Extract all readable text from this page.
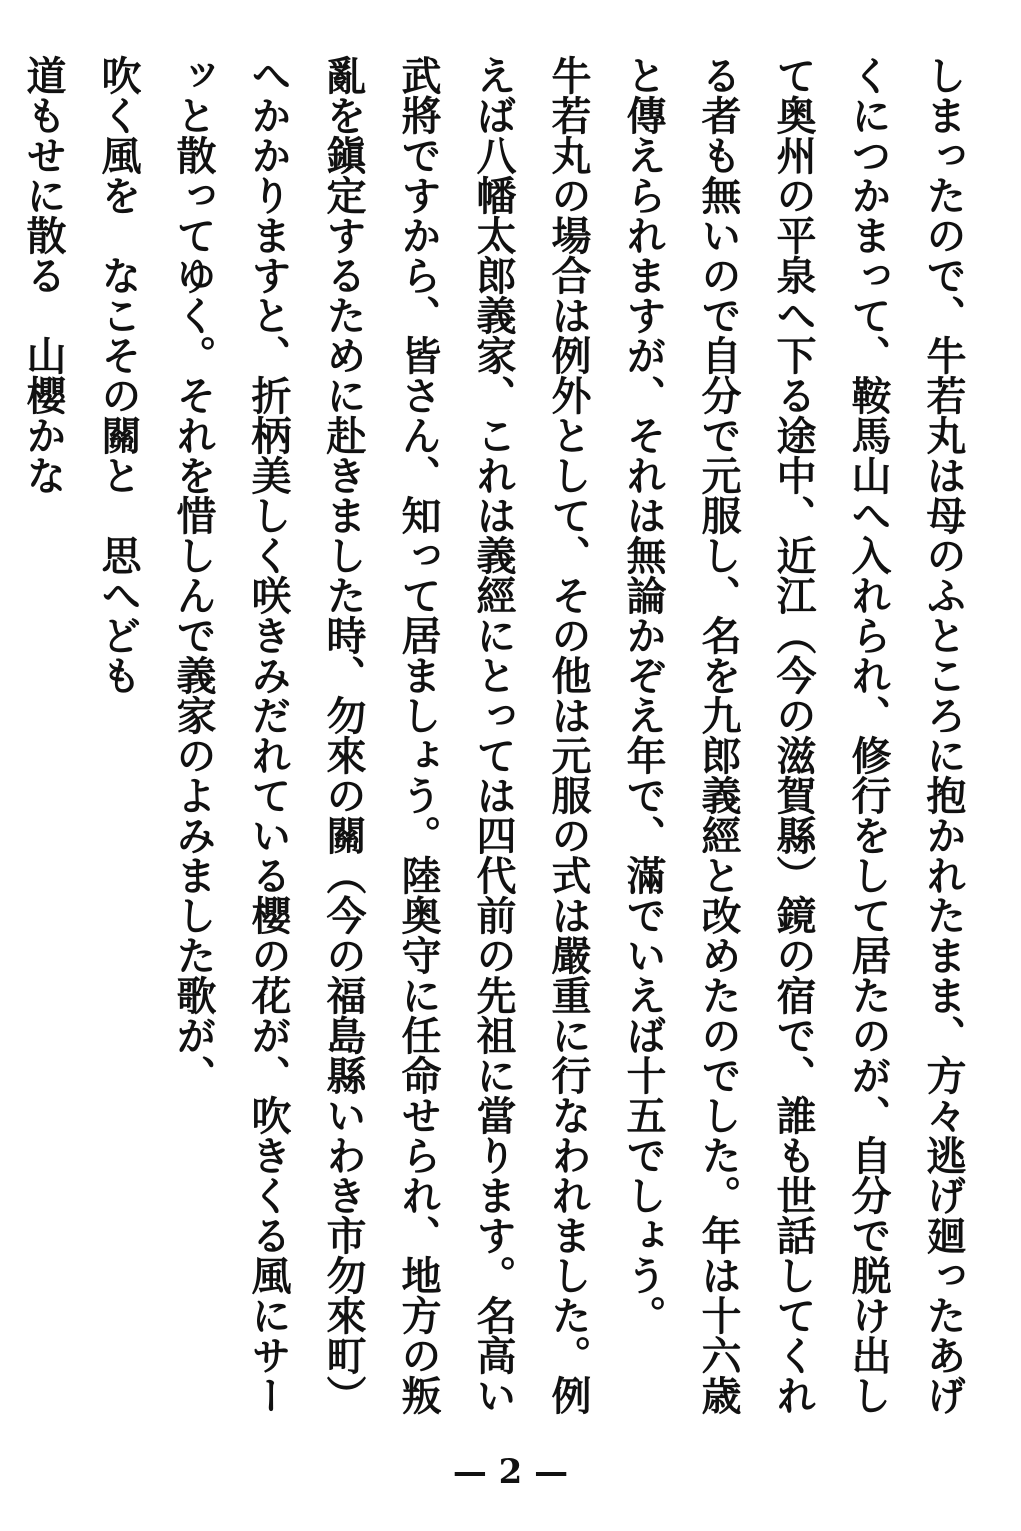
しまったので、牛若丸は母のふところに抱かれたまま、方々逃げ廻ったあげくにつかまって、鞍馬山へ入れられ、修行をして居たのが、自分で脱け出して奥州の平泉へ下る途中、近江（今の滋賀縣）鏡の宿で、誰も世話してくれる者も無いので自分で元服し、名を九郎義經と改めたのでした。年は十六歳と傳えられますが、それは無論かぞえ年で、滿でいえば十五でしょう。

牛若丸の場合は例外として、その他は元服の式は嚴重に行なわれました。例えば八幡太郎義家、これは義經にとっては四代前の先祖に當ります。名高い武將ですから、皆さん、知って居ましょう。陸奥守に任命せられ、地方の叛亂を鎭定するために赴きました時、勿來の關（今の福島縣いわき市勿來町）へかかりますと、折柄美しく咲きみだれている櫻の花が、吹きくる風にサーッと散ってゆく。それを惜しんで義家のよみました歌が、

吹く風を　なこその關と　思へども

道もせに散る　山櫻かな

— 2 —
